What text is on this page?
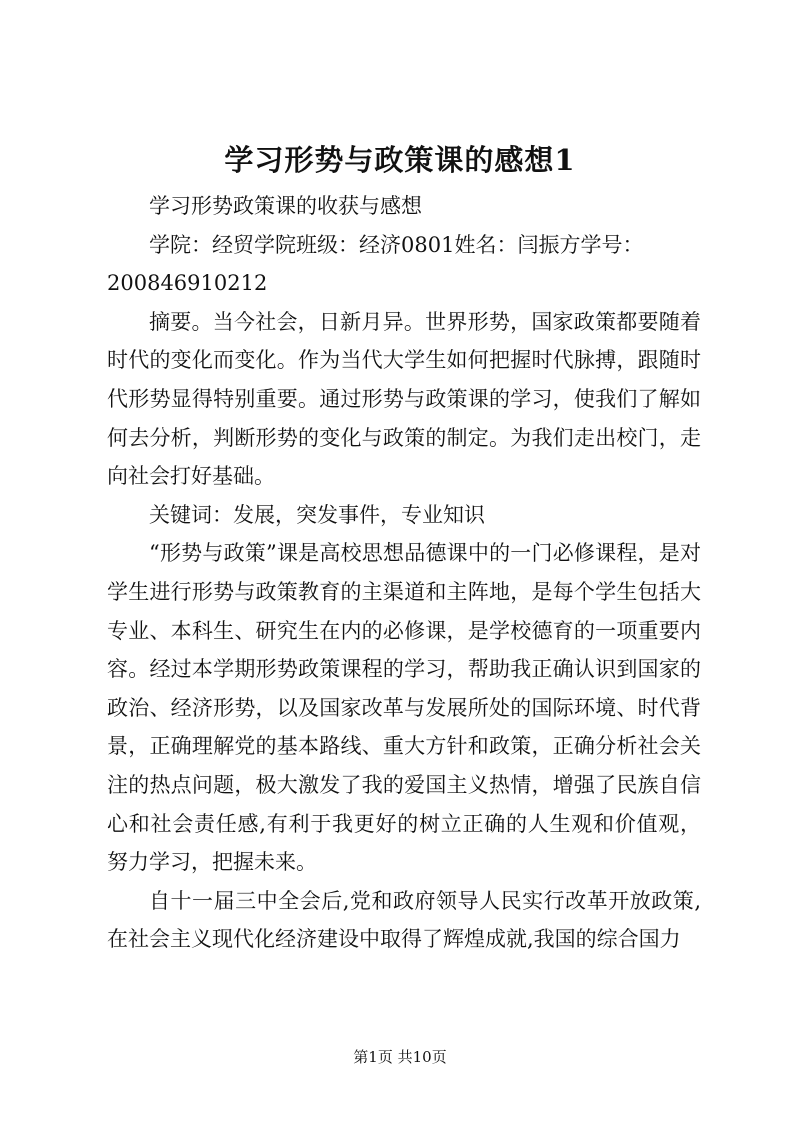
学习形势与政策课的感想1

学习形势政策课的收获与感想

学院：经贸学院班级：经济0801姓名：闫振方学号：

200846910212

摘要。当今社会，日新月异。世界形势，国家政策都要随着时代的变化而变化。作为当代大学生如何把握时代脉搏，跟随时代形势显得特别重要。通过形势与政策课的学习，使我们了解如何去分析，判断形势的变化与政策的制定。为我们走出校门，走向社会打好基础。

关键词：发展，突发事件，专业知识

“形势与政策”课是高校思想品德课中的一门必修课程，是对学生进行形势与政策教育的主渠道和主阵地，是每个学生包括大专业、本科生、研究生在内的必修课，是学校德育的一项重要内容。经过本学期形势政策课程的学习，帮助我正确认识到国家的政治、经济形势，以及国家改革与发展所处的国际环境、时代背景，正确理解党的基本路线、重大方针和政策，正确分析社会关注的热点问题，极大激发了我的爱国主义热情，增强了民族自信心和社会责任感,有利于我更好的树立正确的人生观和价值观，努力学习，把握未来。

自十一届三中全会后,党和政府领导人民实行改革开放政策,在社会主义现代化经济建设中取得了辉煌成就,我国的综合国力

第1页 共10页
